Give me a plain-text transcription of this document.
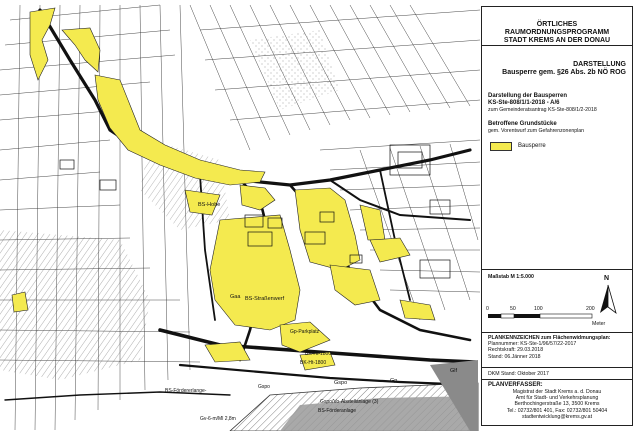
BS-Hohe
BS-Straßenwerf
Gaa
Gspo	Gp
Glf
Gspo/Vo-Abstellanlage (3)
BS-Förderanlage
Gp-Parkplatz
BS-Fördererlange-
Gv-6-m/Ml 2,8m
BK-Ht-1800
BK-Ht-1800
Gspo
ÖRTLICHES RAUMORDNUNGSPROGRAMM
STADT KREMS AN DER DONAU
DARSTELLUNG
Bausperre gem. §26 Abs. 2b NÖ ROG
Darstellung der Bausperren
KS-Ste-808/1/1-2018 - A/6
zum Gemeinderatsantrag KS-Ste-808/1/2-2018
Betroffene Grundstücke
gem. Vorentwurf zum Gefahrenzonenplan
Bausperre
Maßstab M 1:5.000	N
0	50	100	200
Meter
PLANKENNZEICHEN zum Flächenwidmungsplan:
Plannummer: KS-Ste-1/96/57/22-2017
Rechtskraft: 29.03.2018
Stand: 06.Jänner 2018
DKM Stand: Oktober 2017
PLANVERFASSER:
Magistrat der Stadt Krems a. d. Donau
Amt für Stadt- und Verkehrsplanung
Berthochingerstraße 13, 3500 Krems
Tel.: 02732/801 401, Fax: 02732/801 50404
stadtentwicklung@krems.gv.at
